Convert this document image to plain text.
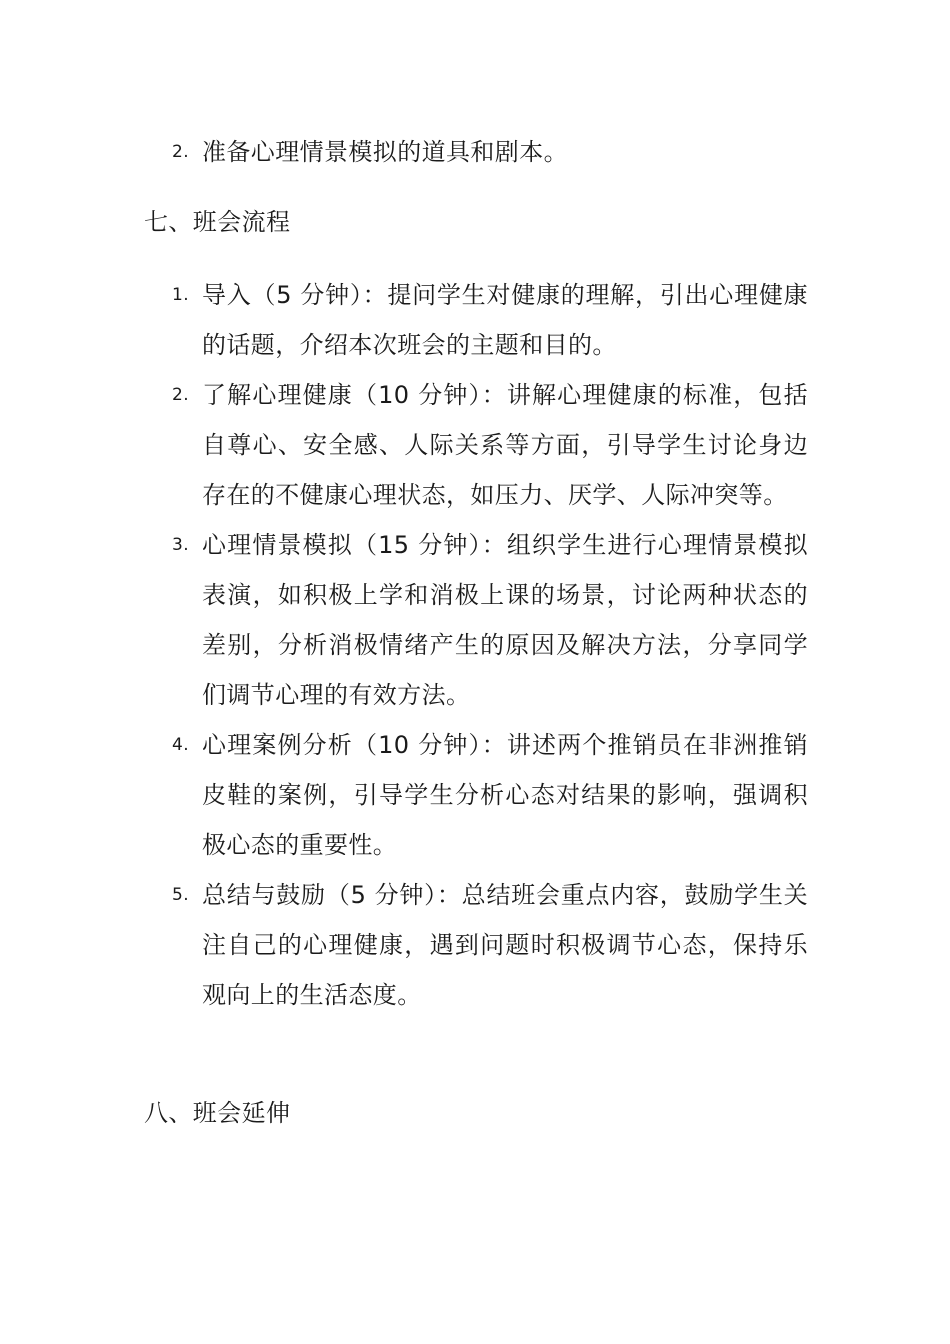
2. 准备心理情景模拟的道具和剧本。
七、班会流程
1. 导入（5 分钟）：提问学生对健康的理解，引出心理健康的话题，介绍本次班会的主题和目的。
2. 了解心理健康（10 分钟）：讲解心理健康的标准，包括自尊心、安全感、人际关系等方面，引导学生讨论身边存在的不健康心理状态，如压力、厌学、人际冲突等。
3. 心理情景模拟（15 分钟）：组织学生进行心理情景模拟表演，如积极上学和消极上课的场景，讨论两种状态的差别，分析消极情绪产生的原因及解决方法，分享同学们调节心理的有效方法。
4. 心理案例分析（10 分钟）：讲述两个推销员在非洲推销皮鞋的案例，引导学生分析心态对结果的影响，强调积极心态的重要性。
5. 总结与鼓励（5 分钟）：总结班会重点内容，鼓励学生关注自己的心理健康，遇到问题时积极调节心态，保持乐观向上的生活态度。
八、班会延伸
